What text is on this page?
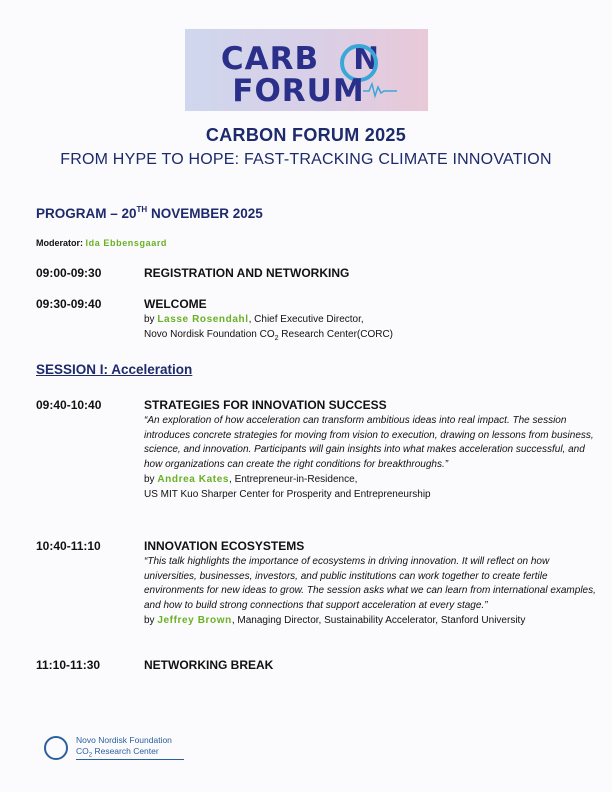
CARB N
FORUM
CARBON FORUM 2025
FROM HYPE TO HOPE: FAST-TRACKING CLIMATE INNOVATION
PROGRAM – 20TH NOVEMBER 2025
Moderator: Ida Ebbensgaard
09:00-09:30	REGISTRATION AND NETWORKING
09:30-09:40	WELCOME
by Lasse Rosendahl, Chief Executive Director,
Novo Nordisk Foundation $CO_2$ Research Center(CORC)
SESSION I: Acceleration
09:40-10:40	STRATEGIES FOR INNOVATION SUCCESS
“An exploration of how acceleration can transform ambitious ideas into real impact. The session introduces concrete strategies for moving from vision to execution, drawing on lessons from business, science, and innovation. Participants will gain insights into what makes acceleration successful, and how organizations can create the right conditions for breakthroughs.”
by Andrea Kates, Entrepreneur-in-Residence,
US MIT Kuo Sharper Center for Prosperity and Entrepreneurship
10:40-11:10	INNOVATION ECOSYSTEMS
“This talk highlights the importance of ecosystems in driving innovation. It will reflect on how universities, businesses, investors, and public institutions can work together to create fertile environments for new ideas to grow. The session asks what we can learn from international examples, and how to build strong connections that support acceleration at every stage.”
by Jeffrey Brown, Managing Director, Sustainability Accelerator, Stanford University
11:10-11:30	NETWORKING BREAK
Novo Nordisk Foundation
$CO_2$ Research Center
